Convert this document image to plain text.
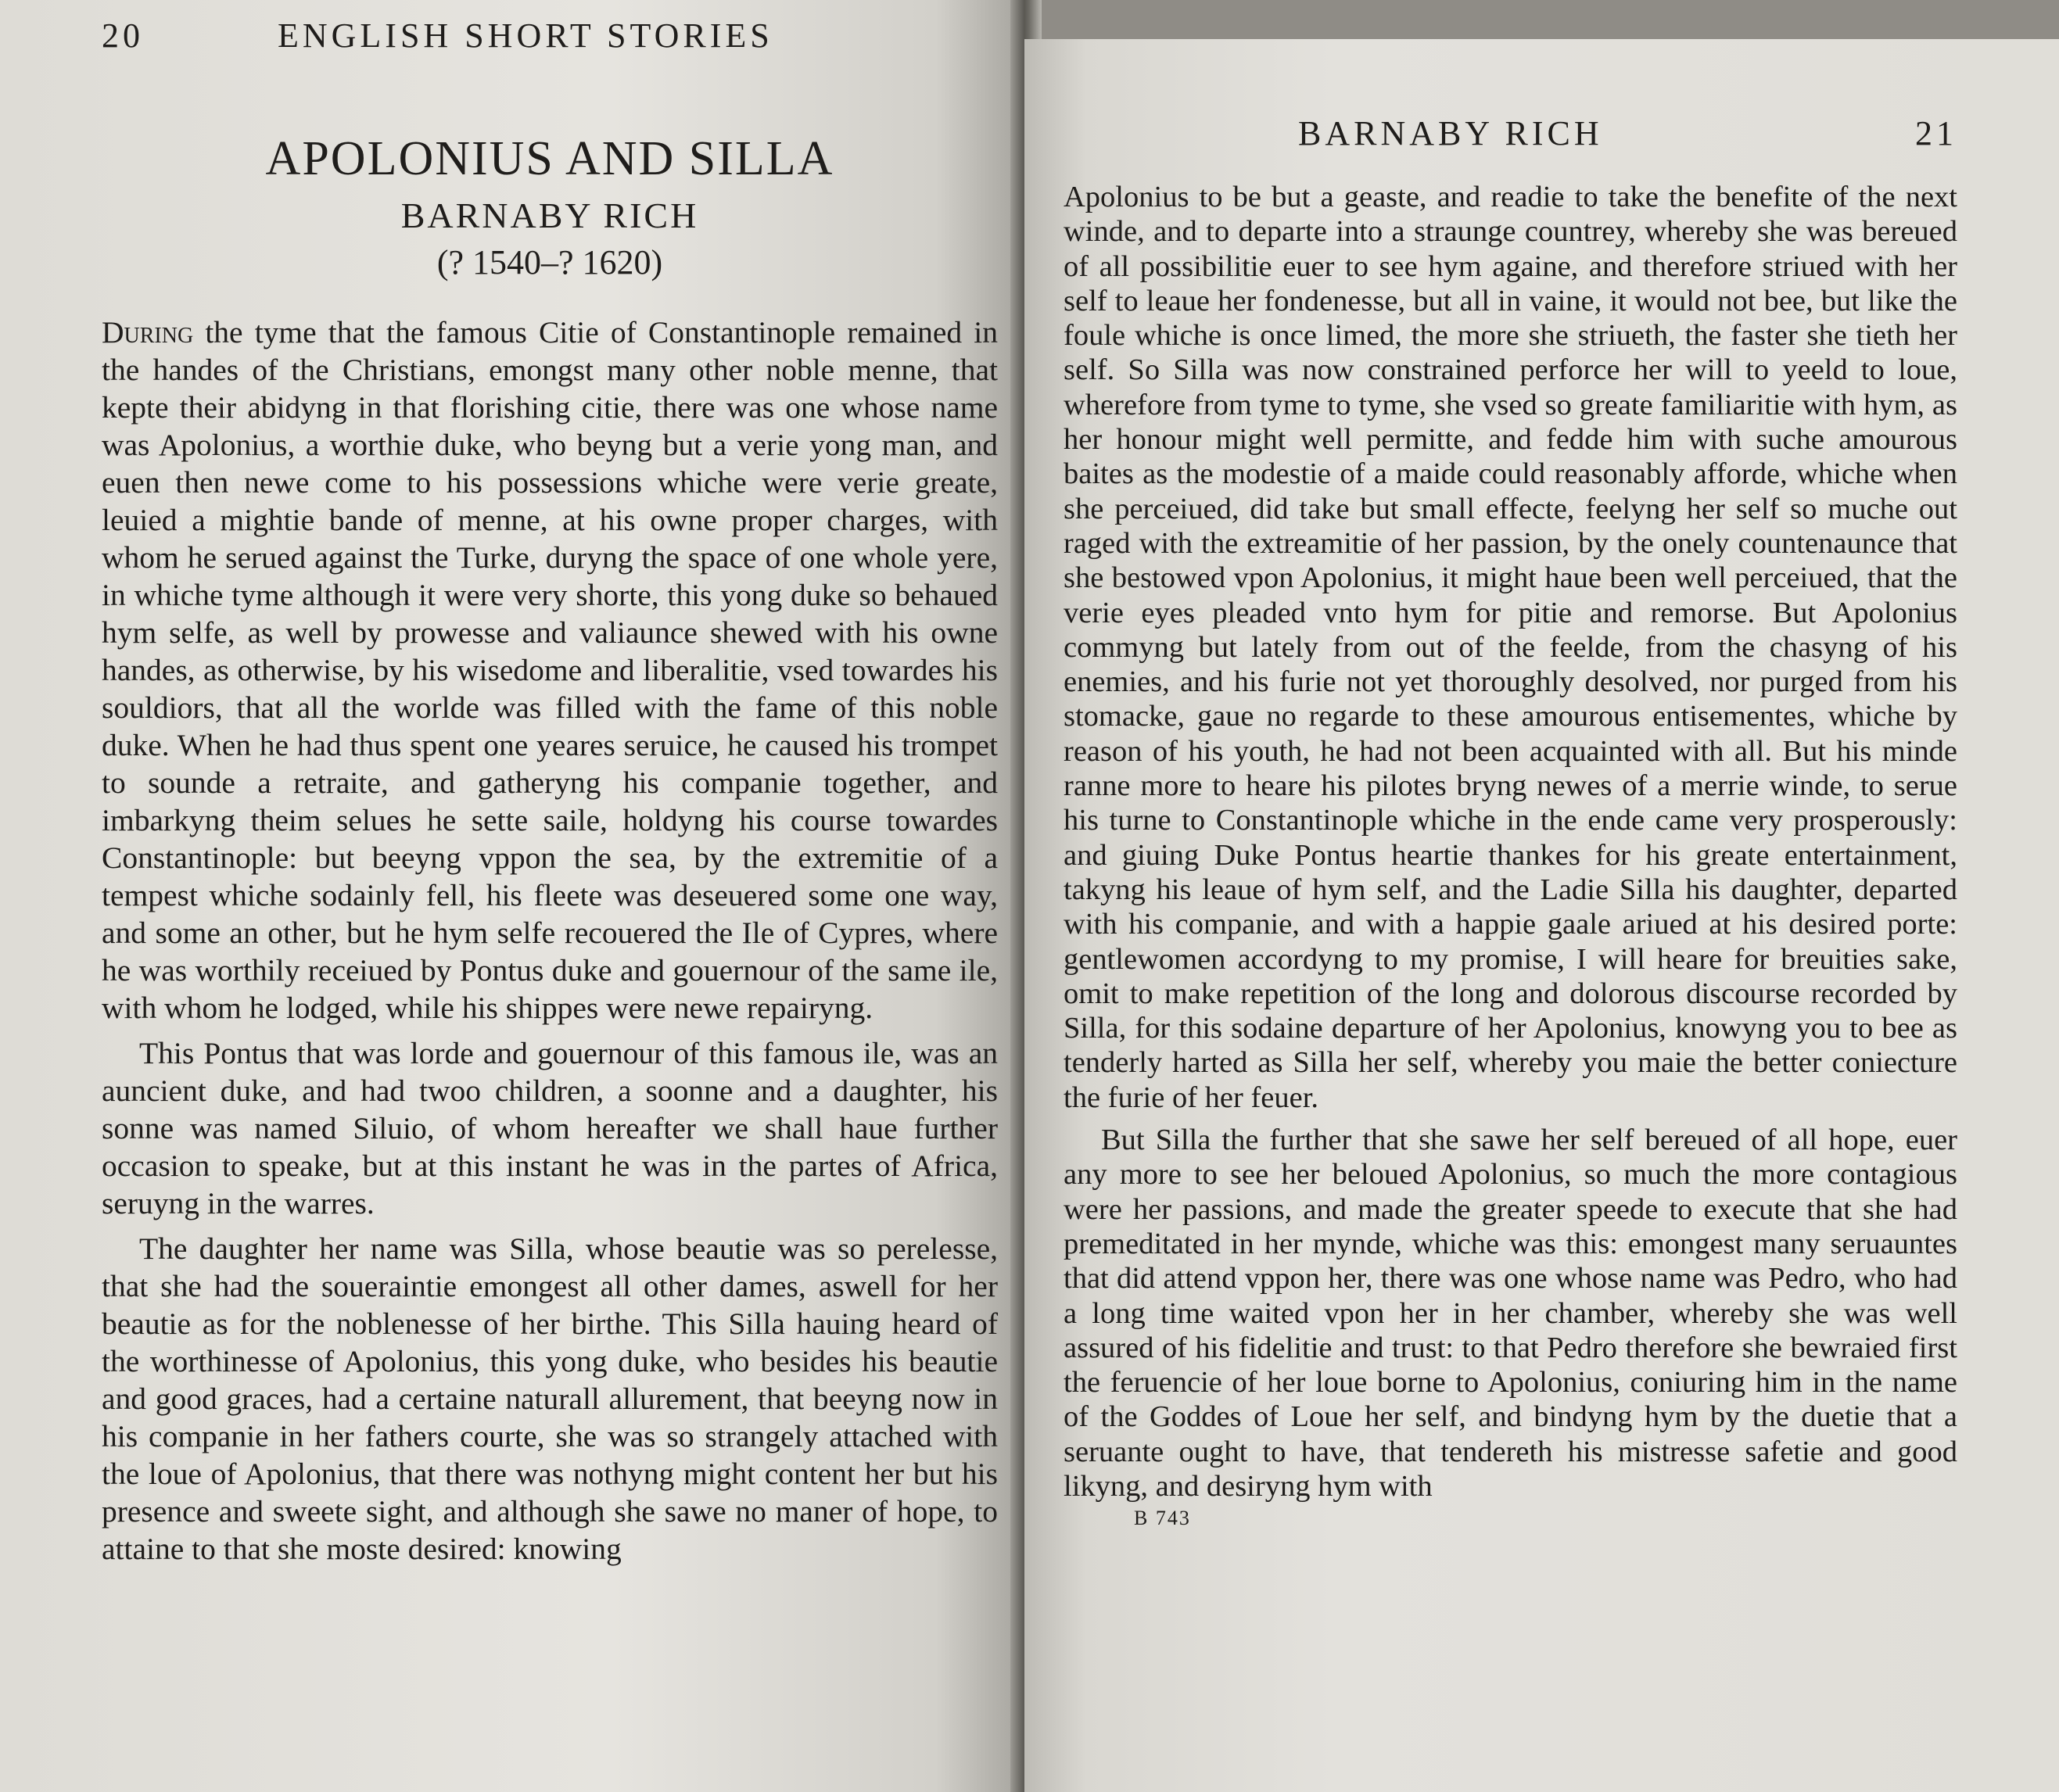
20	ENGLISH SHORT STORIES
APOLONIUS AND SILLA
BARNABY RICH
(? 1540–? 1620)

During the tyme that the famous Citie of Constantinople remained in the handes of the Christians, emongst many other noble menne, that kepte their abidyng in that florishing citie, there was one whose name was Apolonius, a worthie duke, who beyng but a verie yong man, and euen then newe come to his possessions whiche were verie greate, leuied a mightie bande of menne, at his owne proper charges, with whom he serued against the Turke, duryng the space of one whole yere, in whiche tyme although it were very shorte, this yong duke so behaued hym selfe, as well by prowesse and valiaunce shewed with his owne handes, as otherwise, by his wisedome and liberalitie, vsed towardes his souldiors, that all the worlde was filled with the fame of this noble duke. When he had thus spent one yeares seruice, he caused his trompet to sounde a retraite, and gatheryng his companie together, and imbarkyng theim selues he sette saile, holdyng his course towardes Constantinople: but beeyng vppon the sea, by the extremitie of a tempest whiche sodainly fell, his fleete was deseuered some one way, and some an other, but he hym selfe recouered the Ile of Cypres, where he was worthily receiued by Pontus duke and gouernour of the same ile, with whom he lodged, while his shippes were newe repairyng.

This Pontus that was lorde and gouernour of this famous ile, was an auncient duke, and had twoo children, a soonne and a daughter, his sonne was named Siluio, of whom hereafter we shall haue further occasion to speake, but at this instant he was in the partes of Africa, seruyng in the warres.

The daughter her name was Silla, whose beautie was so perelesse, that she had the soueraintie emongest all other dames, aswell for her beautie as for the noblenesse of her birthe. This Silla hauing heard of the worthinesse of Apolonius, this yong duke, who besides his beautie and good graces, had a certaine naturall allurement, that beeyng now in his companie in her fathers courte, she was so strangely attached with the loue of Apolonius, that there was nothyng might content her but his presence and sweete sight, and although she sawe no maner of hope, to attaine to that she moste desired: knowing

BARNABY RICH	21

Apolonius to be but a geaste, and readie to take the benefite of the next winde, and to departe into a straunge countrey, whereby she was bereued of all possibilitie euer to see hym againe, and therefore striued with her self to leaue her fondenesse, but all in vaine, it would not bee, but like the foule whiche is once limed, the more she striueth, the faster she tieth her self. So Silla was now constrained perforce her will to yeeld to loue, wherefore from tyme to tyme, she vsed so greate familiaritie with hym, as her honour might well permitte, and fedde him with suche amourous baites as the modestie of a maide could reasonably afforde, whiche when she perceiued, did take but small effecte, feelyng her self so muche out raged with the extreamitie of her passion, by the onely countenaunce that she bestowed vpon Apolonius, it might haue been well perceiued, that the verie eyes pleaded vnto hym for pitie and remorse. But Apolonius commyng but lately from out of the feelde, from the chasyng of his enemies, and his furie not yet thoroughly desolved, nor purged from his stomacke, gaue no regarde to these amourous entisementes, whiche by reason of his youth, he had not been acquainted with all. But his minde ranne more to heare his pilotes bryng newes of a merrie winde, to serue his turne to Constantinople whiche in the ende came very prosperously: and giuing Duke Pontus heartie thankes for his greate entertainment, takyng his leaue of hym self, and the Ladie Silla his daughter, departed with his companie, and with a happie gaale ariued at his desired porte: gentlewomen accordyng to my promise, I will heare for breuities sake, omit to make repetition of the long and dolorous discourse recorded by Silla, for this sodaine departure of her Apolonius, knowyng you to bee as tenderly harted as Silla her self, whereby you maie the better coniecture the furie of her feuer.

But Silla the further that she sawe her self bereued of all hope, euer any more to see her beloued Apolonius, so much the more contagious were her passions, and made the greater speede to execute that she had premeditated in her mynde, whiche was this: emongest many seruauntes that did attend vppon her, there was one whose name was Pedro, who had a long time waited vpon her in her chamber, whereby she was well assured of his fidelitie and trust: to that Pedro therefore she bewraied first the feruencie of her loue borne to Apolonius, coniuring him in the name of the Goddes of Loue her self, and bindyng hym by the duetie that a seruante ought to have, that tendereth his mistresse safetie and good likyng, and desiryng hym with

B 743
